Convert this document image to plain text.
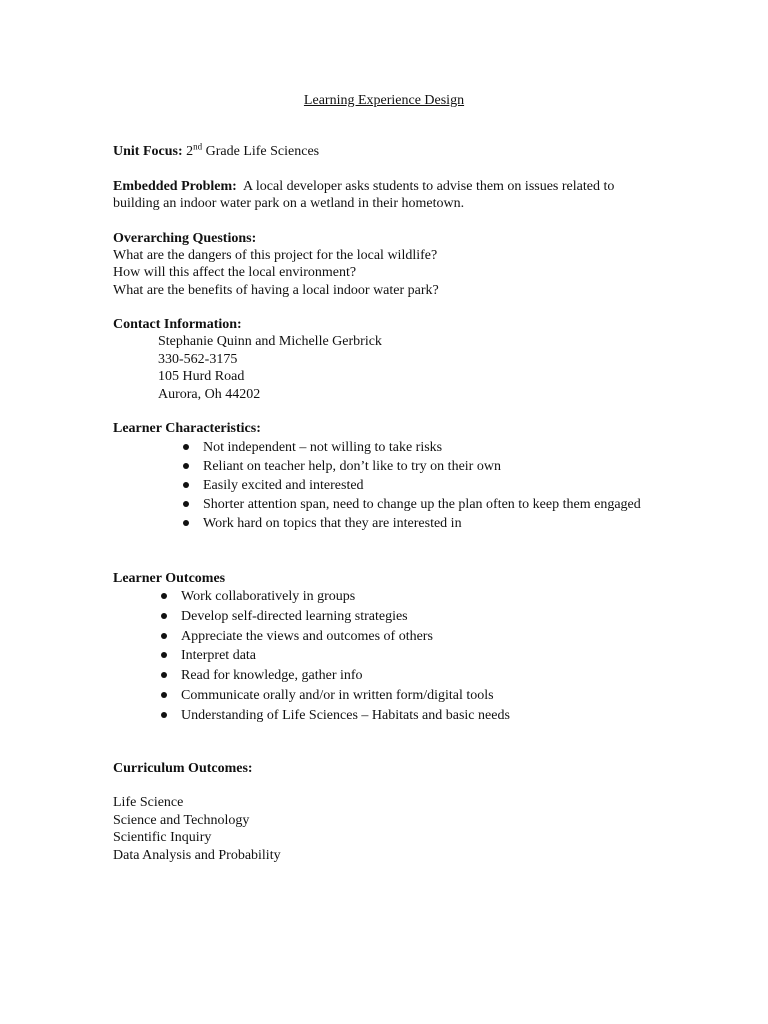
Learning Experience Design
Unit Focus: 2nd Grade Life Sciences
Embedded Problem: A local developer asks students to advise them on issues related to
building an indoor water park on a wetland in their hometown.
Overarching Questions:
What are the dangers of this project for the local wildlife?
How will this affect the local environment?
What are the benefits of having a local indoor water park?
Contact Information:
Stephanie Quinn and Michelle Gerbrick
330-562-3175
105 Hurd Road
Aurora, Oh 44202
Learner Characteristics:
Not independent – not willing to take risks
Reliant on teacher help, don’t like to try on their own
Easily excited and interested
Shorter attention span, need to change up the plan often to keep them engaged
Work hard on topics that they are interested in
Learner Outcomes
Work collaboratively in groups
Develop self-directed learning strategies
Appreciate the views and outcomes of others
Interpret data
Read for knowledge, gather info
Communicate orally and/or in written form/digital tools
Understanding of Life Sciences – Habitats and basic needs
Curriculum Outcomes:
Life Science
Science and Technology
Scientific Inquiry
Data Analysis and Probability
